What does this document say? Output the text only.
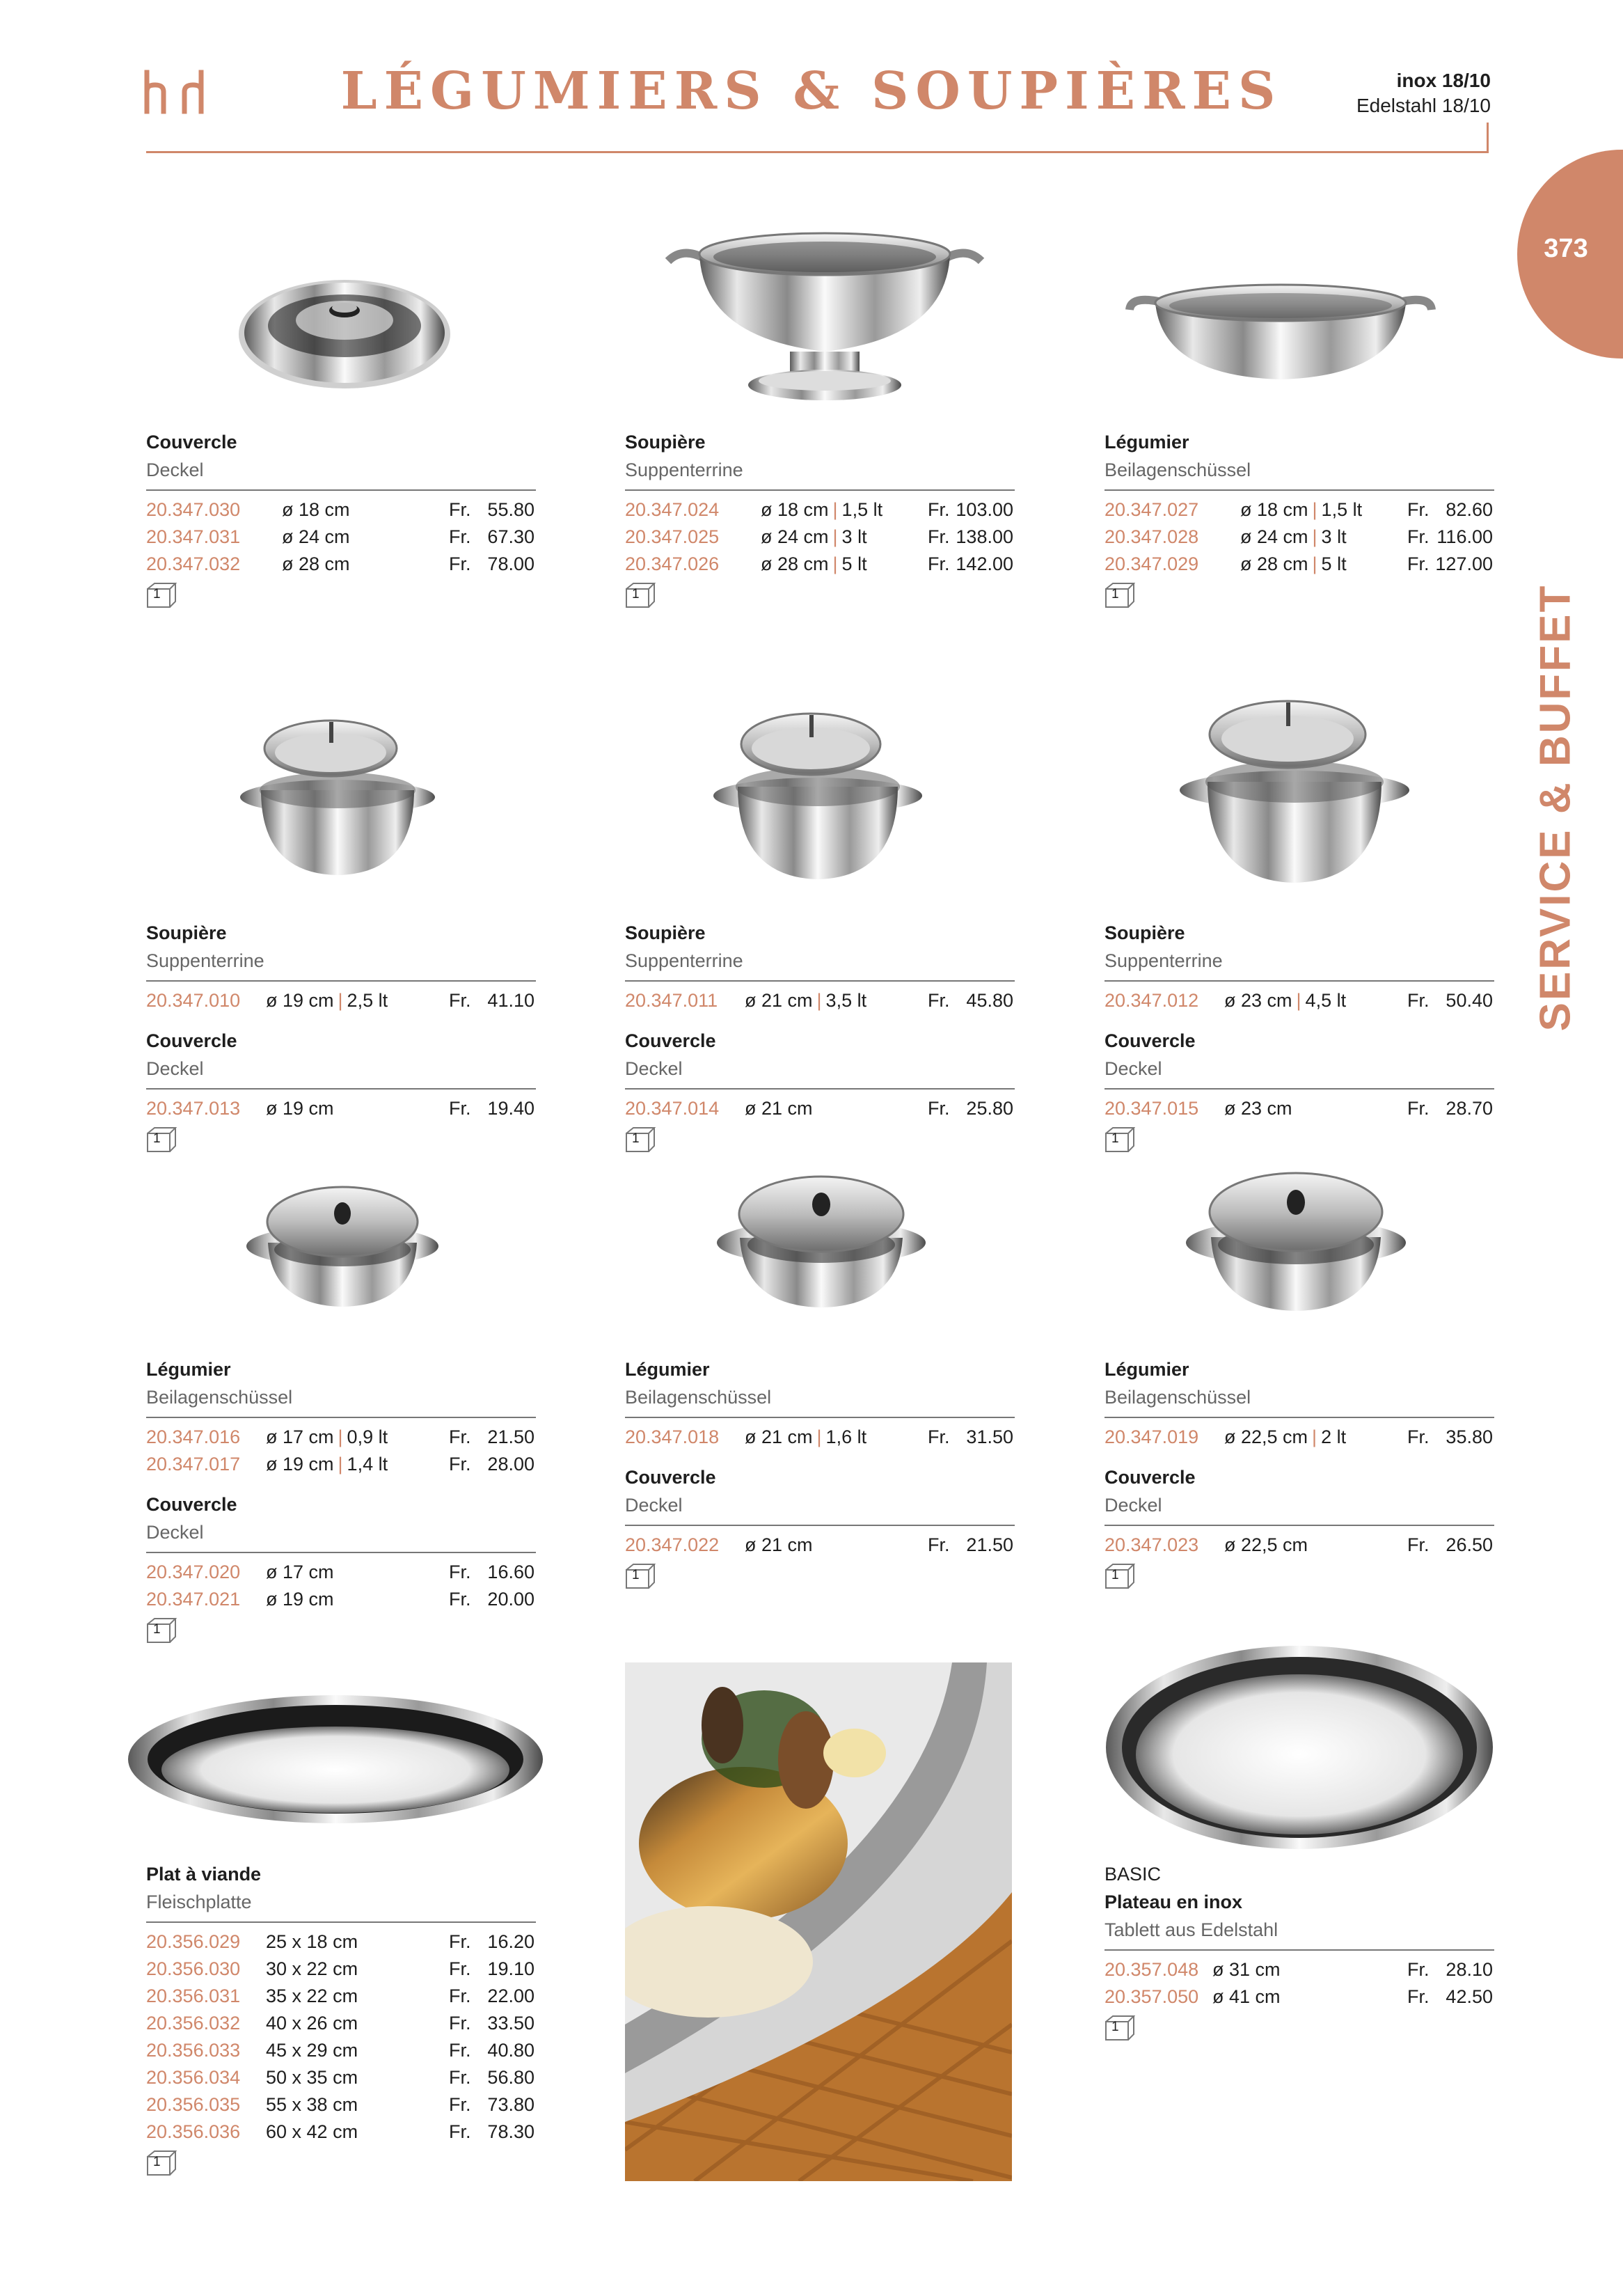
LÉGUMIERS & SOUPIÈRES	inox 18/10
Edelstahl 18/10
373
SERVICE & BUFFET
Couvercle
Deckel
20.347.030 ø 18 cm	Fr. 55.80
20.347.031 ø 24 cm	Fr. 67.30
20.347.032 ø 28 cm	Fr. 78.00
1
Soupière
Suppenterrine
20.347.024 ø 18 cm | 1,5 lt Fr. 103.00
20.347.025 ø 24 cm | 3 lt	Fr. 138.00
20.347.026 ø 28 cm | 5 lt	Fr. 142.00
1
Légumier
Beilagenschüssel
20.347.027 ø 18 cm | 1,5 lt Fr. 82.60
20.347.028 ø 24 cm | 3 lt	Fr. 116.00
20.347.029 ø 28 cm | 5 lt	Fr. 127.00
1
Soupière
Suppenterrine
20.347.010 ø 19 cm | 2,5 lt	Fr. 41.10
Couvercle
Deckel
20.347.013 ø 19 cm	Fr. 19.40
1
Soupière
Suppenterrine
20.347.011 ø 21 cm | 3,5 lt	Fr. 45.80
Couvercle
Deckel
20.347.014 ø 21 cm	Fr. 25.80
1
Soupière
Suppenterrine
20.347.012 ø 23 cm | 4,5 lt	Fr. 50.40
Couvercle
Deckel
20.347.015 ø 23 cm	Fr. 28.70
1
Légumier
Beilagenschüssel
20.347.016 ø 17 cm | 0,9 lt	Fr. 21.50
20.347.017 ø 19 cm | 1,4 lt	Fr. 28.00
Couvercle
Deckel
20.347.020 ø 17 cm	Fr. 16.60
20.347.021 ø 19 cm	Fr. 20.00
1
Légumier
Beilagenschüssel
20.347.018 ø 21 cm | 1,6 lt	Fr. 31.50
Couvercle
Deckel
20.347.022 ø 21 cm	Fr. 21.50
1
Légumier
Beilagenschüssel
20.347.019 ø 22,5 cm | 2 lt	Fr. 35.80
Couvercle
Deckel
20.347.023 ø 22,5 cm	Fr. 26.50
1
Plat à viande
Fleischplatte
20.356.029 25 x 18 cm	Fr. 16.20
20.356.030 30 x 22 cm	Fr. 19.10
20.356.031 35 x 22 cm	Fr. 22.00
20.356.032 40 x 26 cm	Fr. 33.50
20.356.033 45 x 29 cm	Fr. 40.80
20.356.034 50 x 35 cm	Fr. 56.80
20.356.035 55 x 38 cm	Fr. 73.80
20.356.036 60 x 42 cm	Fr. 78.30
1
BASIC
Plateau en inox
Tablett aus Edelstahl
20.357.048 ø 31 cm	Fr. 28.10
20.357.050 ø 41 cm	Fr. 42.50
1
